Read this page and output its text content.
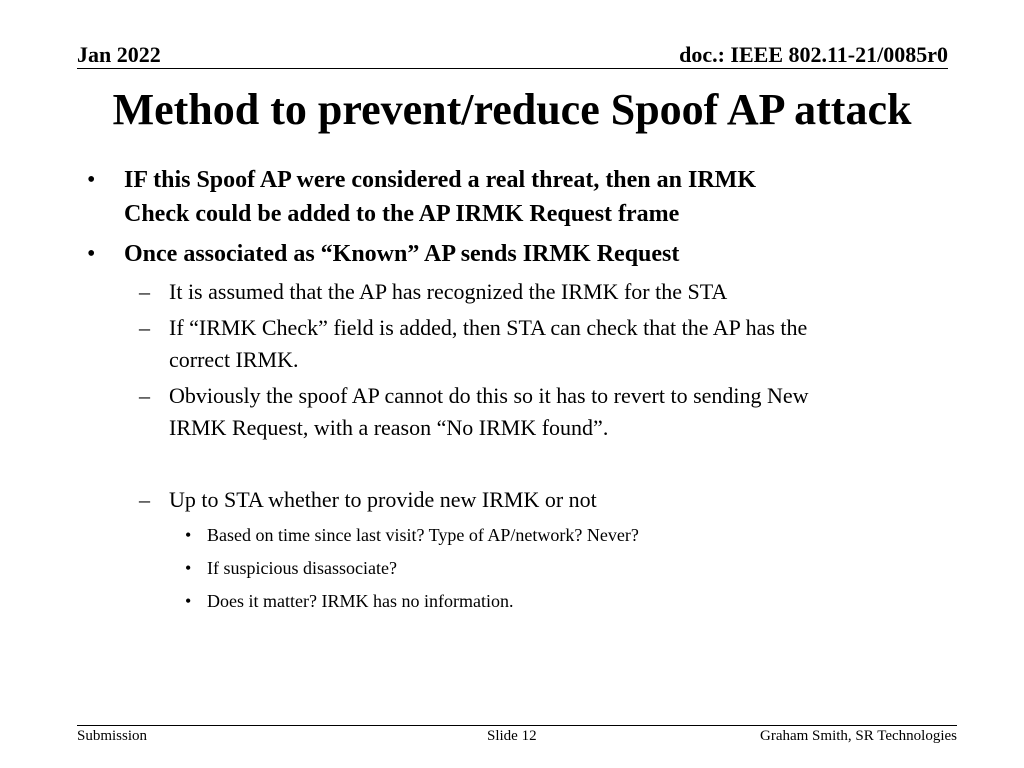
Jan 2022	doc.: IEEE 802.11-21/0085r0
Method to prevent/reduce Spoof AP attack
• IF this Spoof AP were considered a real threat, then an IRMK
Check could be added to the AP IRMK Request frame
• Once associated as “Known” AP sends IRMK Request
– It is assumed that the AP has recognized the IRMK for the STA
– If “IRMK Check” field is added, then STA can check that the AP has the
correct IRMK.
– Obviously the spoof AP cannot do this so it has to revert to sending New
IRMK Request, with a reason “No IRMK found”.
– Up to STA whether to provide new IRMK or not
• Based on time since last visit? Type of AP/network? Never?
• If suspicious disassociate?
• Does it matter? IRMK has no information.
Submission	Slide 12	Graham Smith, SR Technologies
